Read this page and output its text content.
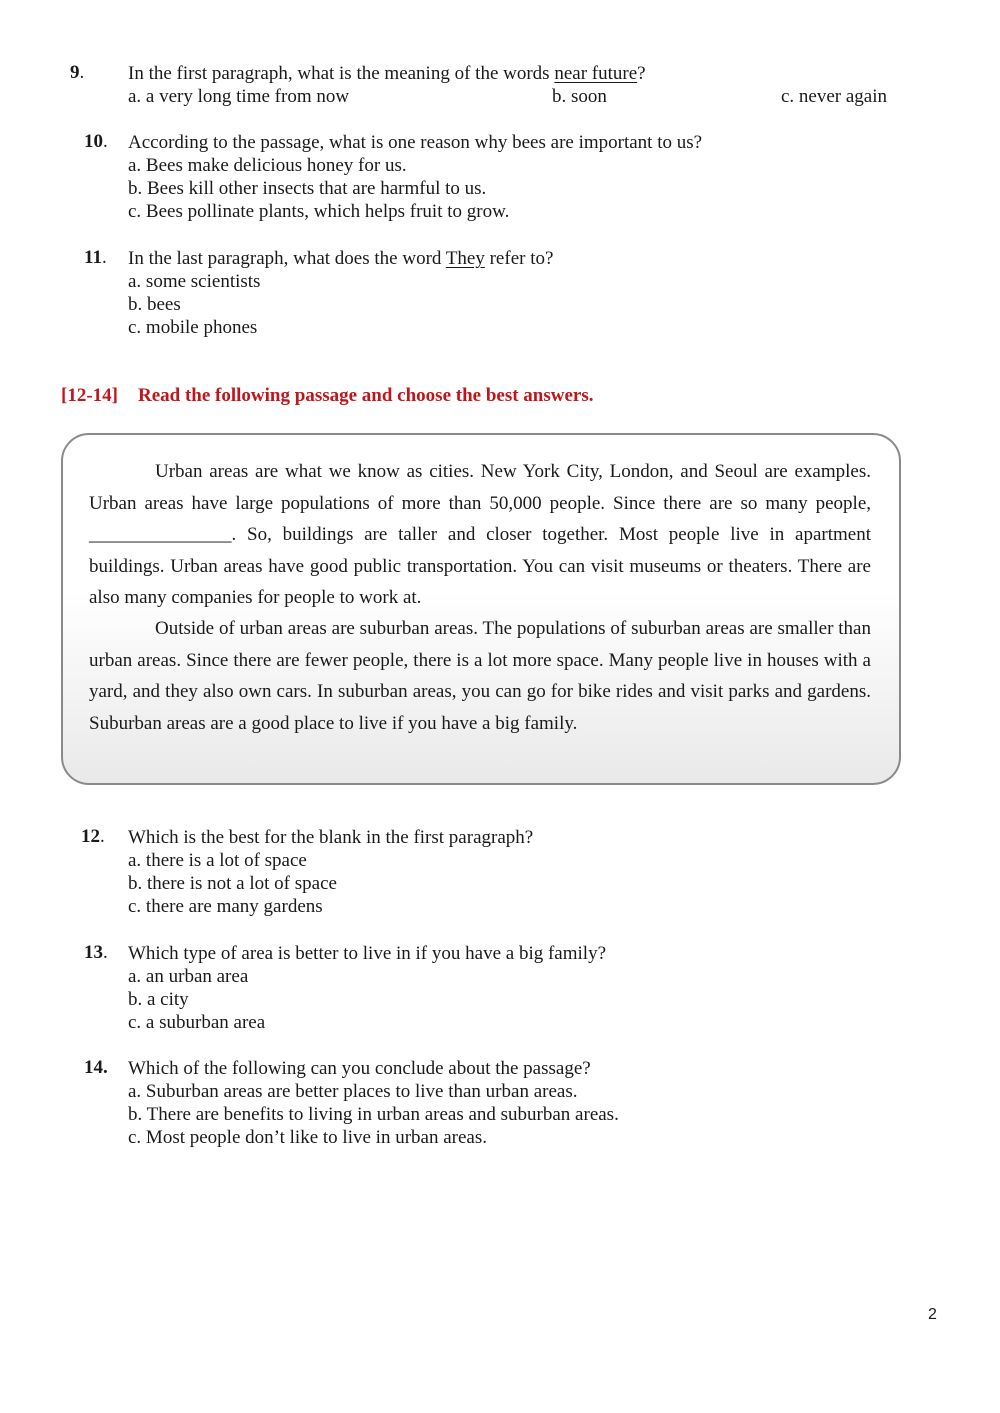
9. In the first paragraph, what is the meaning of the words near future?
a. a very long time from now	b. soon	c. never again
10. According to the passage, what is one reason why bees are important to us?
a. Bees make delicious honey for us.
b. Bees kill other insects that are harmful to us.
c. Bees pollinate plants, which helps fruit to grow.
11. In the last paragraph, what does the word They refer to?
a. some scientists
b. bees
c. mobile phones
[12-14] Read the following passage and choose the best answers.

Urban areas are what we know as cities. New York City, London, and Seoul are examples. Urban areas have large populations of more than 50,000 people. Since there are so many people, _______________. So, buildings are taller and closer together. Most people live in apartment buildings. Urban areas have good public transportation. You can visit museums or theaters. There are also many companies for people to work at.

Outside of urban areas are suburban areas. The populations of suburban areas are smaller than urban areas. Since there are fewer people, there is a lot more space. Many people live in houses with a yard, and they also own cars. In suburban areas, you can go for bike rides and visit parks and gardens. Suburban areas are a good place to live if you have a big family.

12. Which is the best for the blank in the first paragraph?
a. there is a lot of space
b. there is not a lot of space
c. there are many gardens
13. Which type of area is better to live in if you have a big family?
a. an urban area
b. a city
c. a suburban area
14. Which of the following can you conclude about the passage?
a. Suburban areas are better places to live than urban areas.
b. There are benefits to living in urban areas and suburban areas.
c. Most people don’t like to live in urban areas.
2
